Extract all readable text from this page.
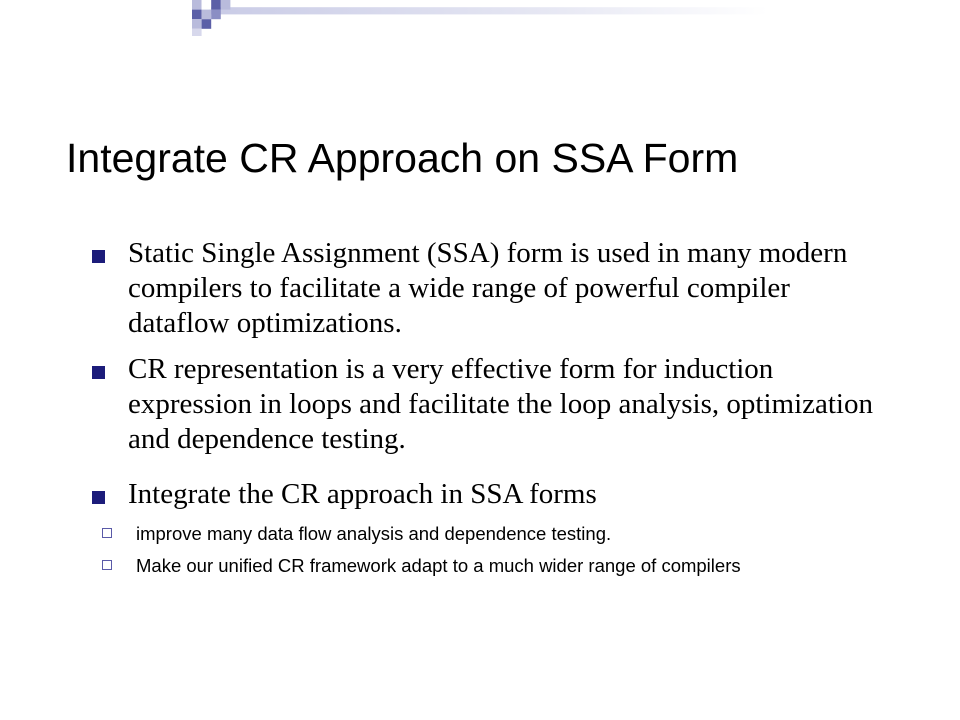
Integrate CR Approach on SSA Form
Static Single Assignment (SSA) form is used in many modern compilers to facilitate a wide range of powerful compiler dataflow optimizations.
CR representation is a very effective form for induction expression in loops and facilitate the loop analysis, optimization and dependence testing.
Integrate the CR approach in SSA forms
improve many data flow analysis and dependence testing.
Make our unified CR framework adapt to a much wider range of compilers
